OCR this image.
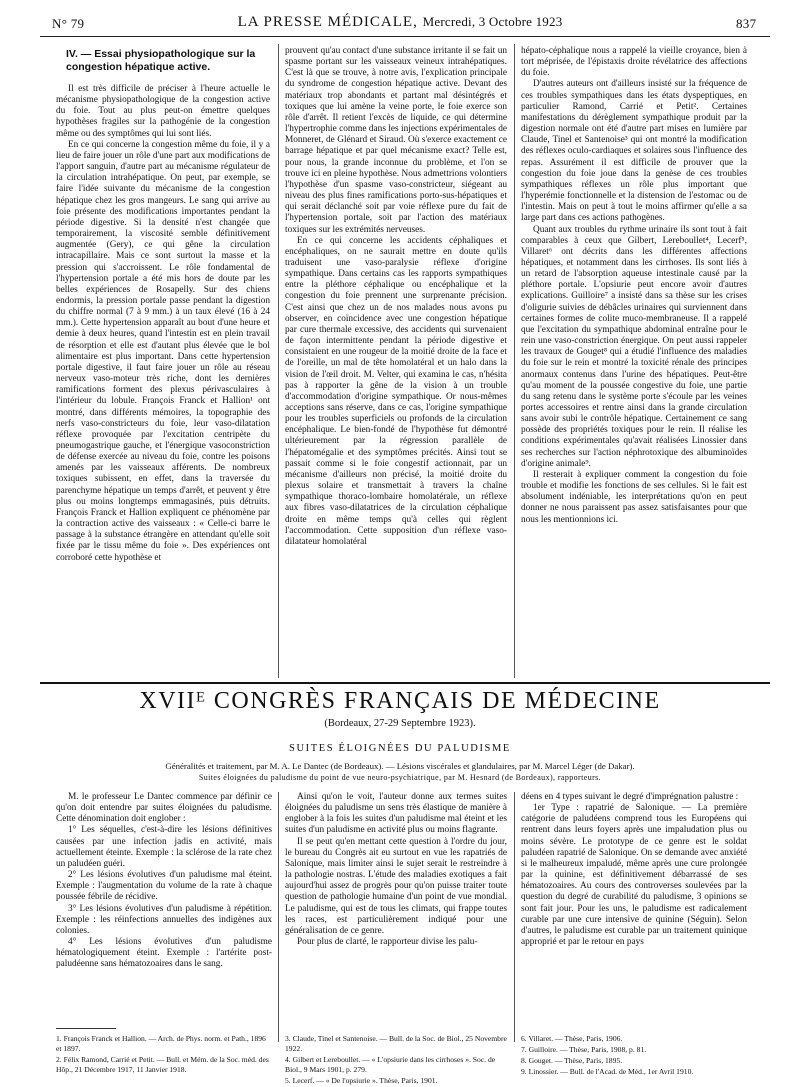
N° 79	LA PRESSE MÉDICALE, Mercredi, 3 Octobre 1923	837
IV. — Essai physiopathologique sur la congestion hépatique active.

Il est très difficile de préciser à l'heure actuelle le mécanisme physiopathologique de la congestion active du foie. Tout au plus peut-on émettre quelques hypothèses fragiles sur la pathogénie de la congestion même ou des symptômes qui lui sont liés.

En ce qui concerne la congestion même du foie, il y a lieu de faire jouer un rôle d'une part aux modifications de l'apport sanguin, d'autre part au mécanisme régulateur de la circulation intrahépatique. On peut, par exemple, se faire l'idée suivante du mécanisme de la congestion hépatique chez les gros mangeurs. Le sang qui arrive au foie présente des modifications importantes pendant la période digestive. Si la densité n'est changée que temporairement, la viscosité semble définitivement augmentée (Gery), ce qui gêne la circulation intracapillaire. Mais ce sont surtout la masse et la pression qui s'accroissent. Le rôle fondamental de l'hypertension portale a été mis hors de doute par les belles expériences de Rosapelly. Sur des chiens endormis, la pression portale passe pendant la digestion du chiffre normal (7 à 9 mm.) à un taux élevé (16 à 24 mm.). Cette hypertension apparaît au bout d'une heure et demie à deux heures, quand l'intestin est en plein travail de résorption et elle est d'autant plus élevée que le bol alimentaire est plus important. Dans cette hypertension portale digestive, il faut faire jouer un rôle au réseau nerveux vaso-moteur très riche, dont les dernières ramifications forment des plexus périvasculaires à l'intérieur du lobule. François Franck et Hallion¹ ont montré, dans différents mémoires, la topographie des nerfs vaso-constricteurs du foie, leur vaso-dilatation réflexe provoquée par l'excitation centripète du pneumogastrique gauche, et l'énergique vasoconstriction de défense exercée au niveau du foie, contre les poisons amenés par les vaisseaux afférents. De nombreux toxiques subissent, en effet, dans la traversée du parenchyme hépatique un temps d'arrêt, et peuvent y être plus ou moins longtemps emmagasinés, puis détruits. François Franck et Hallion expliquent ce phénomène par la contraction active des vaisseaux : « Celle-ci barre le passage à la substance étrangère en attendant qu'elle soit fixée par le tissu même du foie ». Des expériences ont corroboré cette hypothèse et

prouvent qu'au contact d'une substance irritante il se fait un spasme portant sur les vaisseaux veineux intrahépatiques. C'est là que se trouve, à notre avis, l'explication principale du syndrome de congestion hépatique active. Devant des matériaux trop abondants et partant mal désintégrés et toxiques que lui amène la veine porte, le foie exerce son rôle d'arrêt. Il retient l'excès de liquide, ce qui détermine l'hypertrophie comme dans les injections expérimentales de Monneret, de Glénard et Siraud. Où s'exerce exactement ce barrage hépatique et par quel mécanisme exact? Telle est, pour nous, la grande inconnue du problème, et l'on se trouve ici en pleine hypothèse. Nous admettrions volontiers l'hypothèse d'un spasme vaso-constricteur, siégeant au niveau des plus fines ramifications porto-sus-hépatiques et qui serait déclanché soit par voie réflexe pure du fait de l'hypertension portale, soit par l'action des matériaux toxiques sur les extrémités nerveuses.

En ce qui concerne les accidents céphaliques et encéphaliques, on ne saurait mettre en doute qu'ils traduisent une vaso-paralysie réflexe d'origine sympathique. Dans certains cas les rapports sympathiques entre la pléthore céphalique ou encéphalique et la congestion du foie prennent une surprenante précision. C'est ainsi que chez un de nos malades nous avons pu observer, en coïncidence avec une congestion hépatique par cure thermale excessive, des accidents qui survenaient de façon intermittente pendant la période digestive et consistaient en une rougeur de la moitié droite de la face et de l'oreille, un mal de tête homolatéral et un halo dans la vision de l'œil droit. M. Velter, qui examina le cas, n'hésita pas à rapporter la gêne de la vision à un trouble d'accommodation d'origine sympathique. Or nous-mêmes acceptions sans réserve, dans ce cas, l'origine sympathique pour les troubles superficiels ou profonds de la circulation encéphalique. Le bien-fondé de l'hypothèse fut démontré ultérieurement par la régression parallèle de l'hépatomégalie et des symptômes précités. Ainsi tout se passait comme si le foie congestif actionnait, par un mécanisme d'ailleurs non précisé, la moitié droite du plexus solaire et transmettait à travers la chaîne sympathique thoraco-lombaire homolatérale, un réflexe aux fibres vaso-dilatatrices de la circulation céphalique droite en même temps qu'à celles qui règlent l'accommodation. Cette supposition d'un réflexe vaso-dilatateur homolatéral

hépato-céphalique nous a rappelé la vieille croyance, bien à tort méprisée, de l'épistaxis droite révélatrice des affections du foie.

D'autres auteurs ont d'ailleurs insisté sur la fréquence de ces troubles sympathiques dans les états dyspeptiques, en particulier Ramond, Carrié et Petit². Certaines manifestations du dérèglement sympathique produit par la digestion normale ont été d'autre part mises en lumière par Claude, Tinel et Santenoise³ qui ont montré la modification des réflexes oculo-cardiaques et solaires sous l'influence des repas. Assurément il est difficile de prouver que la congestion du foie joue dans la genèse de ces troubles sympathiques réflexes un rôle plus important que l'hyperémie fonctionnelle et la distension de l'estomac ou de l'intestin. Mais on peut à tout le moins affirmer qu'elle a sa large part dans ces actions pathogènes.

Quant aux troubles du rythme urinaire ils sont tout à fait comparables à ceux que Gilbert, Lereboullet⁴, Lecerf⁵, Villaret⁶ ont décrits dans les différentes affections hépatiques, et notamment dans les cirrhoses. Ils sont liés à un retard de l'absorption aqueuse intestinale causé par la pléthore portale. L'opsiurie peut encore avoir d'autres explications. Guilloire⁷ a insisté dans sa thèse sur les crises d'oligurie suivies de débâcles urinaires qui surviennent dans certaines formes de colite muco-membraneuse. Il a rappelé que l'excitation du sympathique abdominal entraîne pour le rein une vaso-constriction énergique. On peut aussi rappeler les travaux de Gouget⁸ qui a étudié l'influence des maladies du foie sur le rein et montré la toxicité rénale des principes anormaux contenus dans l'urine des hépatiques. Peut-être qu'au moment de la poussée congestive du foie, une partie du sang retenu dans le système porte s'écoule par les veines portes accessoires et rentre ainsi dans la grande circulation sans avoir subi le contrôle hépatique. Certainement ce sang possède des propriétés toxiques pour le rein. Il réalise les conditions expérimentales qu'avait réalisées Linossier dans ses recherches sur l'action néphrotoxique des albuminoïdes d'origine animale⁹.

Il resterait à expliquer comment la congestion du foie trouble et modifie les fonctions de ses cellules. Si le fait est absolument indéniable, les interprétations qu'on en peut donner ne nous paraissent pas assez satisfaisantes pour que nous les mentionnions ici.

XVIIᴱ CONGRÈS FRANÇAIS DE MÉDECINE
(Bordeaux, 27-29 Septembre 1923).
SUITES ÉLOIGNÉES DU PALUDISME
Généralités et traitement, par M. A. Le Dantec (de Bordeaux). — Lésions viscérales et glandulaires, par M. Marcel Léger (de Dakar).
Suites éloignées du paludisme du point de vue neuro-psychiatrique, par M. Hesnard (de Bordeaux), rapporteurs.

M. le professeur Le Dantec commence par définir ce qu'on doit entendre par suites éloignées du paludisme. Cette dénomination doit englober :

1° Les séquelles, c'est-à-dire les lésions définitives causées par une infection jadis en activité, mais actuellement éteinte. Exemple : la sclérose de la rate chez un paludéen guéri.

2° Les lésions évolutives d'un paludisme mal éteint. Exemple : l'augmentation du volume de la rate à chaque poussée fébrile de récidive.

3° Les lésions évolutives d'un paludisme à répétition. Exemple : les réinfections annuelles des indigènes aux colonies.

4° Les lésions évolutives d'un paludisme hématologiquement éteint. Exemple : l'artérite post-paludéenne sans hématozoaires dans le sang.

Ainsi qu'on le voit, l'auteur donne aux termes suites éloignées du paludisme un sens très élastique de manière à englober à la fois les suites d'un paludisme mal éteint et les suites d'un paludisme en activité plus ou moins flagrante.

Il se peut qu'en mettant cette question à l'ordre du jour, le bureau du Congrès ait eu surtout en vue les rapatriés de Salonique, mais limiter ainsi le sujet serait le restreindre à la pathologie nostras. L'étude des maladies exotiques a fait aujourd'hui assez de progrès pour qu'on puisse traiter toute question de pathologie humaine d'un point de vue mondial. Le paludisme, qui est de tous les climats, qui frappe toutes les races, est particulièrement indiqué pour une généralisation de ce genre.

Pour plus de clarté, le rapporteur divise les palu-

déens en 4 types suivant le degré d'imprégnation palustre :

1er Type : rapatrié de Salonique. — La première catégorie de paludéens comprend tous les Européens qui rentrent dans leurs foyers après une impaludation plus ou moins sévère. Le prototype de ce genre est le soldat paludéen rapatrié de Salonique. On se demande avec anxiété si le malheureux impaludé, même après une cure prolongée par la quinine, est définitivement débarrassé de ses hématozoaires. Au cours des controverses soulevées par la question du degré de curabilité du paludisme, 3 opinions se sont fait jour. Pour les uns, le paludisme est radicalement curable par une cure intensive de quinine (Séguin). Selon d'autres, le paludisme est curable par un traitement quinique approprié et par le retour en pays

1. François Franck et Hallion. — Arch. de Phys. norm. et Path., 1896 et 1897.
2. Félix Ramond, Carrié et Petit. — Bull. et Mém. de la Soc. méd. des Hôp., 21 Décembre 1917, 11 Janvier 1918.
3. Claude, Tinel et Santenoise. — Bull. de la Soc. de Biol., 25 Novembre 1922.
4. Gilbert et Lereboullet. — « L'opsiurie dans les cirrhoses ». Soc. de Biol., 9 Mars 1901, p. 279.
5. Lecerf. — « De l'opsiurie ». Thèse, Paris, 1901.
6. Villaret. — Thèse, Paris, 1906.
7. Guilloire. — Thèse, Paris, 1908, p. 81.
8. Gouget. — Thèse, Paris, 1895.
9. Linossier. — Bull. de l'Acad. de Méd., 1er Avril 1910.
